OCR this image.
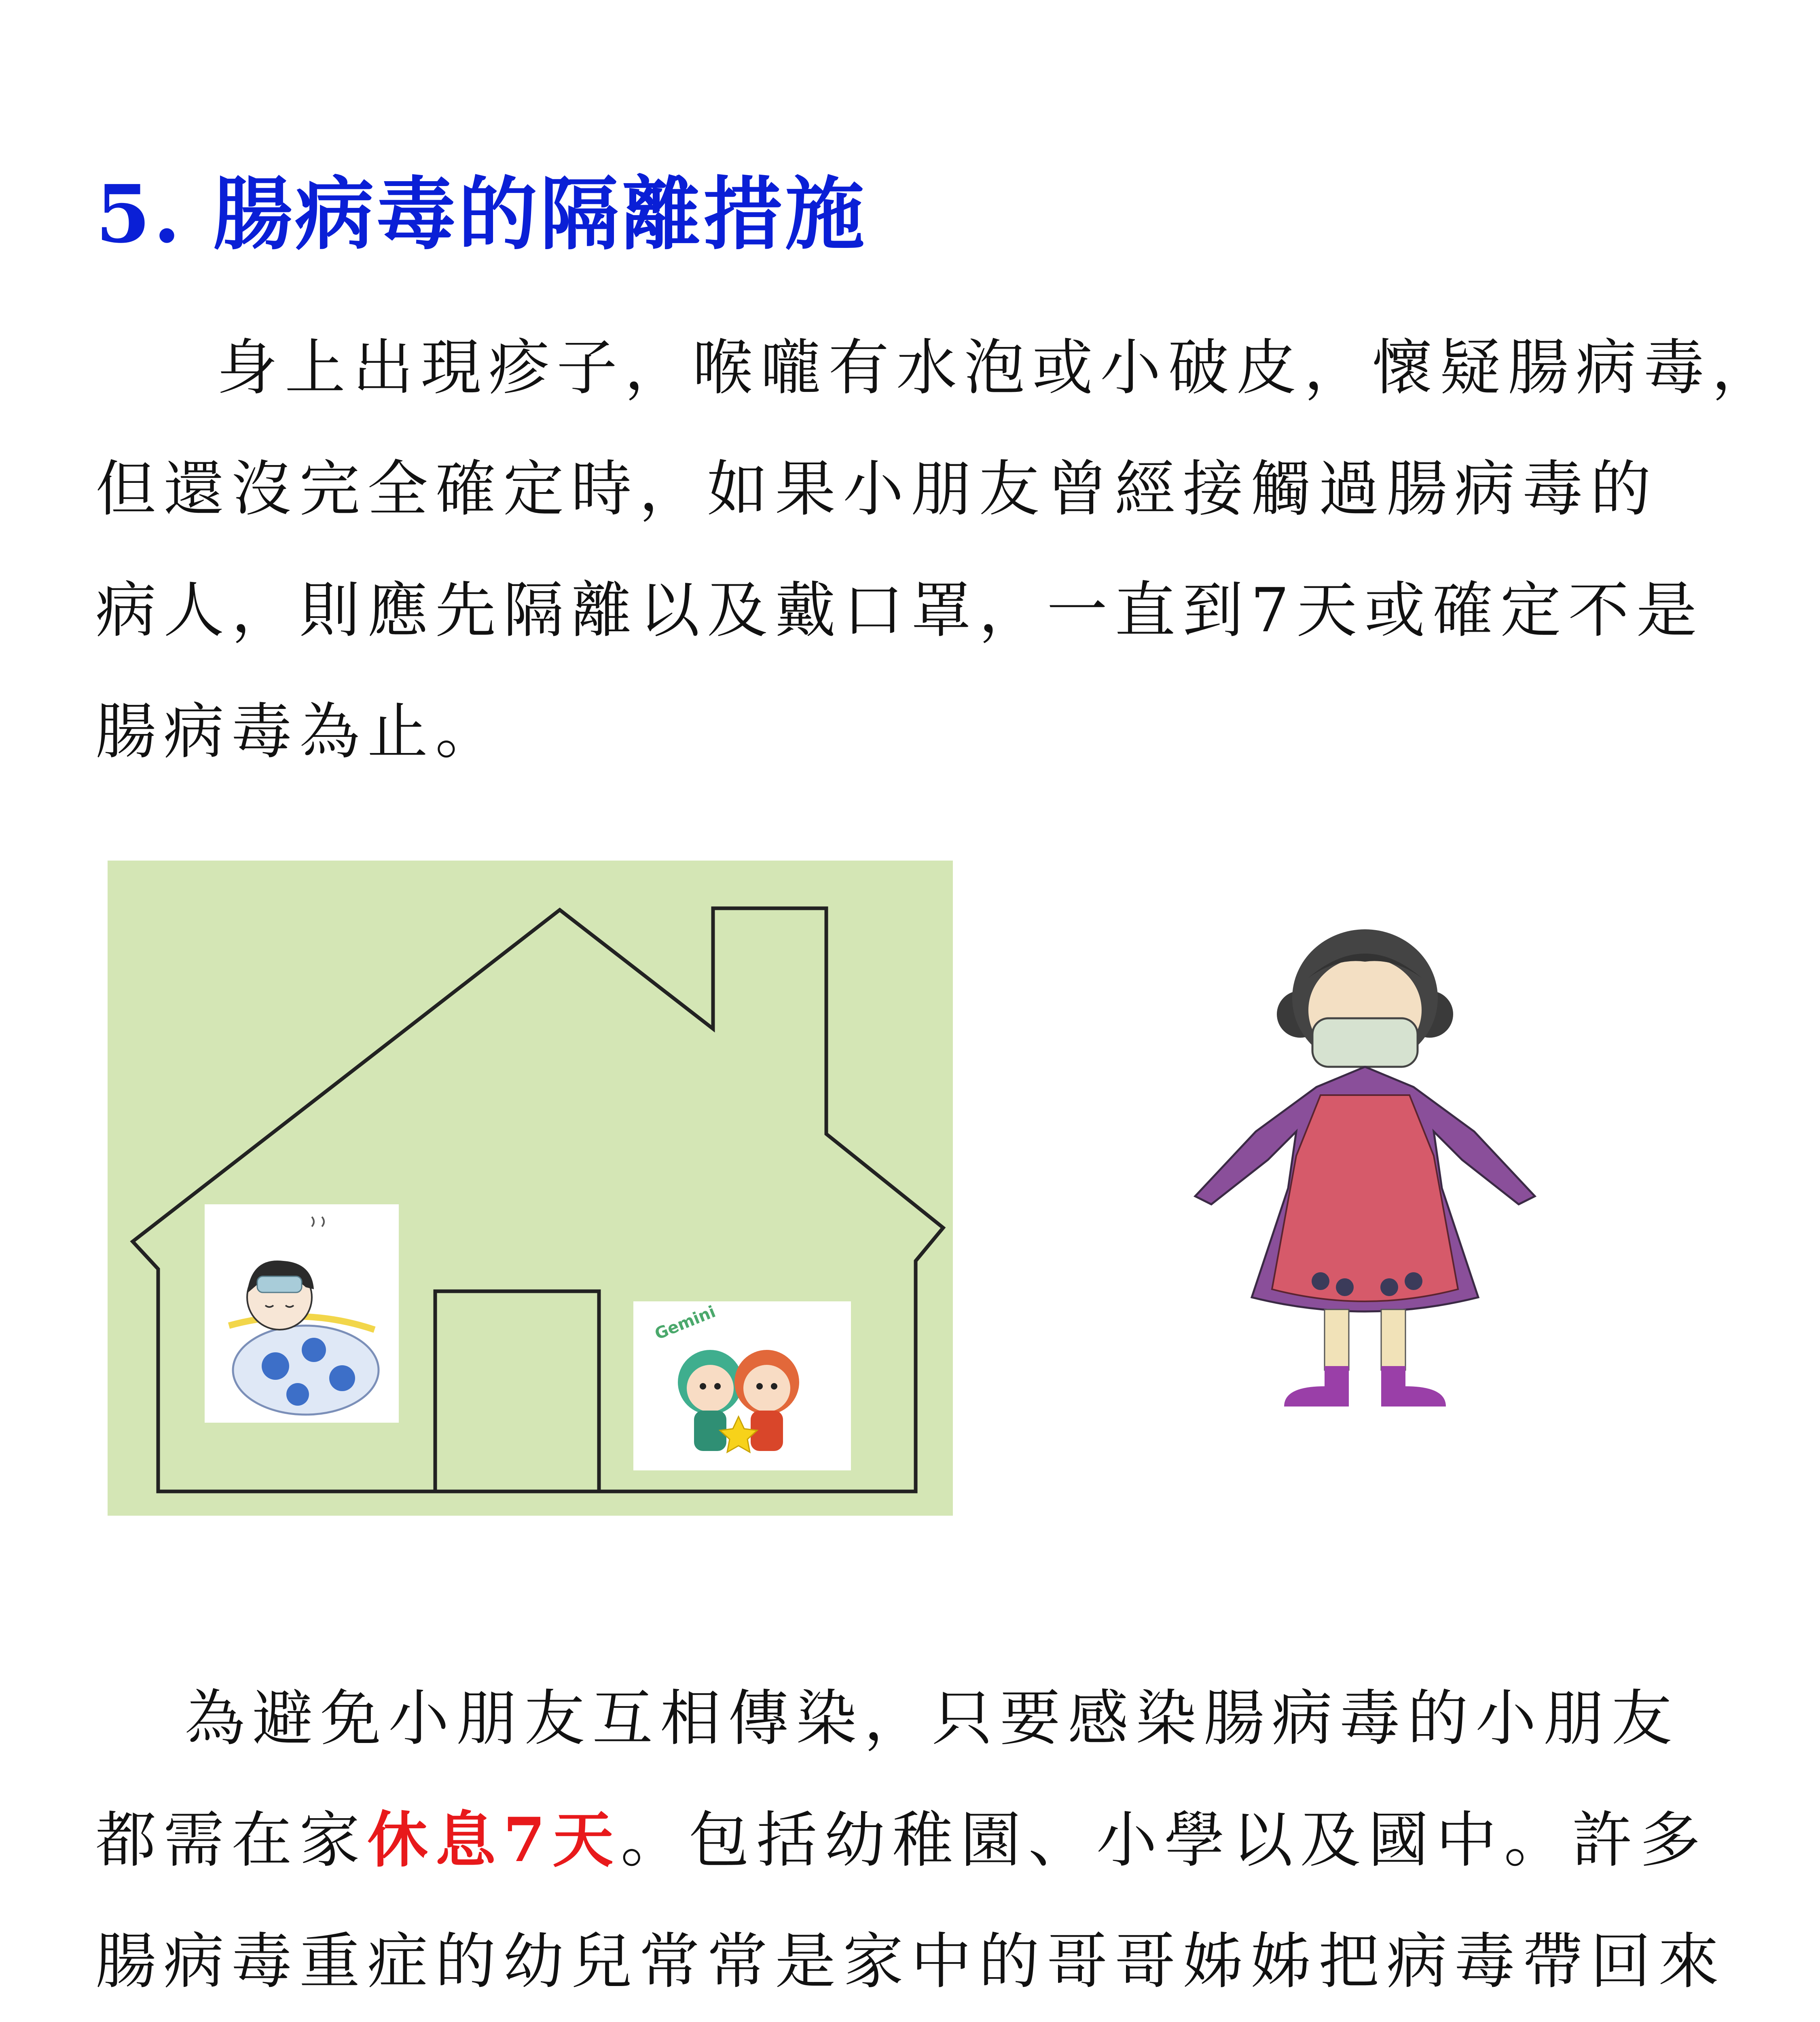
5. 腸病毒的隔離措施
身上出現疹子，喉嚨有水泡或小破皮，懷疑腸病毒，
但還沒完全確定時，如果小朋友曾經接觸過腸病毒的
病人，則應先隔離以及戴口罩，一直到7天或確定不是
腸病毒為止。
Gemini
為避免小朋友互相傳染，只要感染腸病毒的小朋友
都需在家休息7天。包括幼稚園、小學以及國中。許多
腸病毒重症的幼兒常常是家中的哥哥姊姊把病毒帶回來
